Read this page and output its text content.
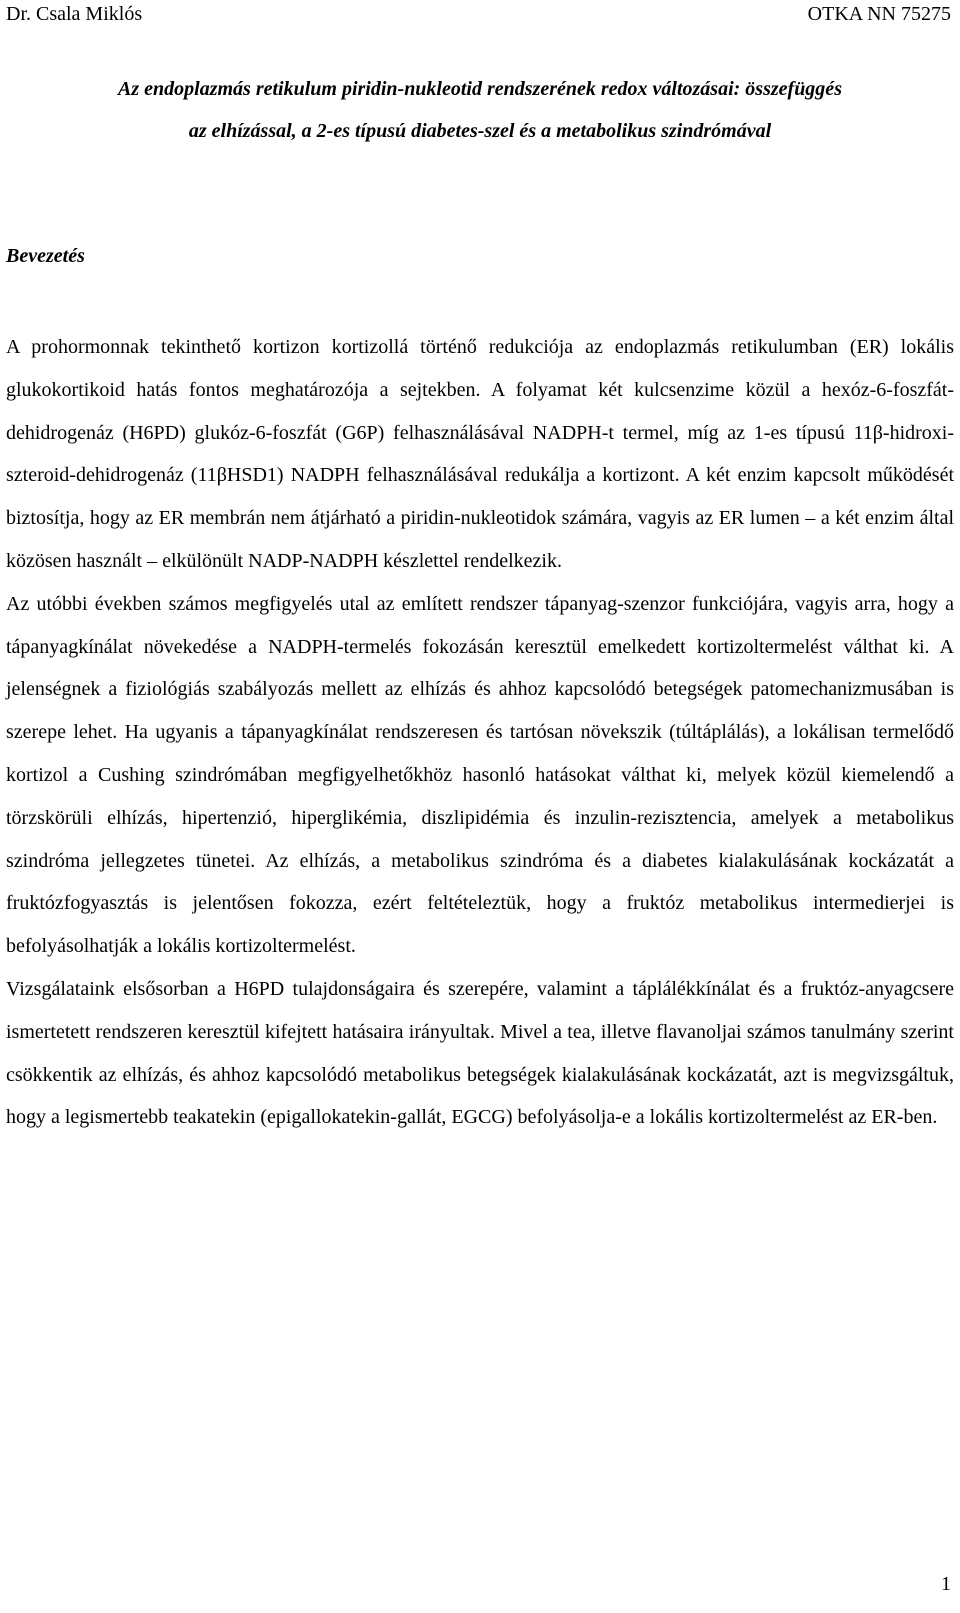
Dr. Csala Miklós	OTKA NN 75275
Az endoplazmás retikulum piridin-nukleotid rendszerének redox változásai: összefüggés
az elhízással, a 2-es típusú diabetes-szel és a metabolikus szindrómával
Bevezetés

A prohormonnak tekinthető kortizon kortizollá történő redukciója az endoplazmás retikulumban (ER) lokális glukokortikoid hatás fontos meghatározója a sejtekben. A folyamat két kulcsenzime közül a hexóz-6-foszfát-dehidrogenáz (H6PD) glukóz-6-foszfát (G6P) felhasználásával NADPH-t termel, míg az 1-es típusú 11β-hidroxi-szteroid-dehidrogenáz (11βHSD1) NADPH felhasználásával redukálja a kortizont. A két enzim kapcsolt működését biztosítja, hogy az ER membrán nem átjárható a piridin-nukleotidok számára, vagyis az ER lumen – a két enzim által közösen használt – elkülönült NADP-NADPH készlettel rendelkezik.

Az utóbbi években számos megfigyelés utal az említett rendszer tápanyag-szenzor funkciójára, vagyis arra, hogy a tápanyagkínálat növekedése a NADPH-termelés fokozásán keresztül emelkedett kortizoltermelést válthat ki. A jelenségnek a fiziológiás szabályozás mellett az elhízás és ahhoz kapcsolódó betegségek patomechanizmusában is szerepe lehet. Ha ugyanis a tápanyagkínálat rendszeresen és tartósan növekszik (túltáplálás), a lokálisan termelődő kortizol a Cushing szindrómában megfigyelhetőkhöz hasonló hatásokat válthat ki, melyek közül kiemelendő a törzskörüli elhízás, hipertenzió, hiperglikémia, diszlipidémia és inzulin-rezisztencia, amelyek a metabolikus szindróma jellegzetes tünetei. Az elhízás, a metabolikus szindróma és a diabetes kialakulásának kockázatát a fruktózfogyasztás is jelentősen fokozza, ezért feltételeztük, hogy a fruktóz metabolikus intermedierjei is befolyásolhatják a lokális kortizoltermelést.

Vizsgálataink elsősorban a H6PD tulajdonságaira és szerepére, valamint a táplálékkínálat és a fruktóz-anyagcsere ismertetett rendszeren keresztül kifejtett hatásaira irányultak. Mivel a tea, illetve flavanoljai számos tanulmány szerint csökkentik az elhízás, és ahhoz kapcsolódó metabolikus betegségek kialakulásának kockázatát, azt is megvizsgáltuk, hogy a legismertebb teakatekin (epigallokatekin-gallát, EGCG) befolyásolja-e a lokális kortizoltermelést az ER-ben.

1
